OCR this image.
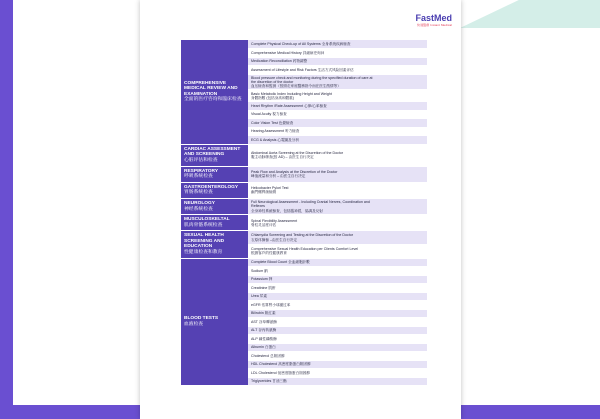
FastMed
快速醫療 Instant Medical
COMPREHENSIVE MEDICAL REVIEW AND EXAMINATION
全面的医疗咨询和臨床检查	Complete Physical Check-up of All Systems 全身系统疾病檢查

	Comprehensive Medical History 詳細病史询问

	Medication Reconciliation 药物調整

	Assessment of Lifestyle and Risk Factors 生活方式风险因素评估

	Blood pressure check and monitoring during the specified duration of care at
the discretion of the doctor
血压檢查和監测（按照走家庭醫務指令而在医生酌情等）

	Basic Metabolic Index Including Height and Weight
身體指數 (包括身高和體重)

	Heart Rhythm /Rate Assessment 心律/心率檢查

	Visual Acuity 視力檢查

	Color Vision Test 色覺檢查

	Hearing Assessment 听力檢查

	ECG & Analysis 心電圖及分析

CARDIAC ASSESSMENT AND SCREENING
心脏评估和检查	Abdominal Aorta Screening at the Discretion of the Doctor
腹主动脉筛查(按 AD) – 由医生自行决定

RESPIRATORY
呼吸系统检查	Peak Flow and Analysis at the Discretion of the Doctor
峰值流量和分析 – 由医生自行决定

GASTROENTEROLOGY
胃肠系统检查	Helicobacter Pylori Test
幽門螺桿菌檢測

NEUROLOGY
神经系统检查	Full Neurological Assessment - Including Cranial Nerves, Coordination and
Reflexes
全身神经系統檢查，包括腦神經，協調及反射

MUSCULOSKELTAL
肌肉骨骼系统检查	Spinal Flexibility Assessment
脊柱灵活度评估

SEXUAL HEALTH SCREENING AND EDUCATION
性健康检查和教育	Chlamydia Screening and Testing at the Discretion of the Doctor
衣原体篩檢 –由医生自行决定

	Comprehensive Sexual Health Education per Clients Comfort Level
根據客戶的性健康教育

BLOOD TESTS
血液检查	Complete Blood Count 全血細胞計數

	Sodium 鈉

	Potassium 钾

	Creatinine 肌酐

	Urea 尿素

	eGFR 估算腎小球濾过率

	Bilirubin 胆红素

	AST 谷草轉氨酶

	ALT 谷丙转氨酶

	ALP 碱性磷酸酶

	Albumin 白蛋白

	Cholesterol 总胆固醇

	HDL Cholesterol 高密度脂蛋白胆固醇

	LDL Cholesterol 低密度脂蛋白胆固醇

	Triglycerides 甘油三酯
